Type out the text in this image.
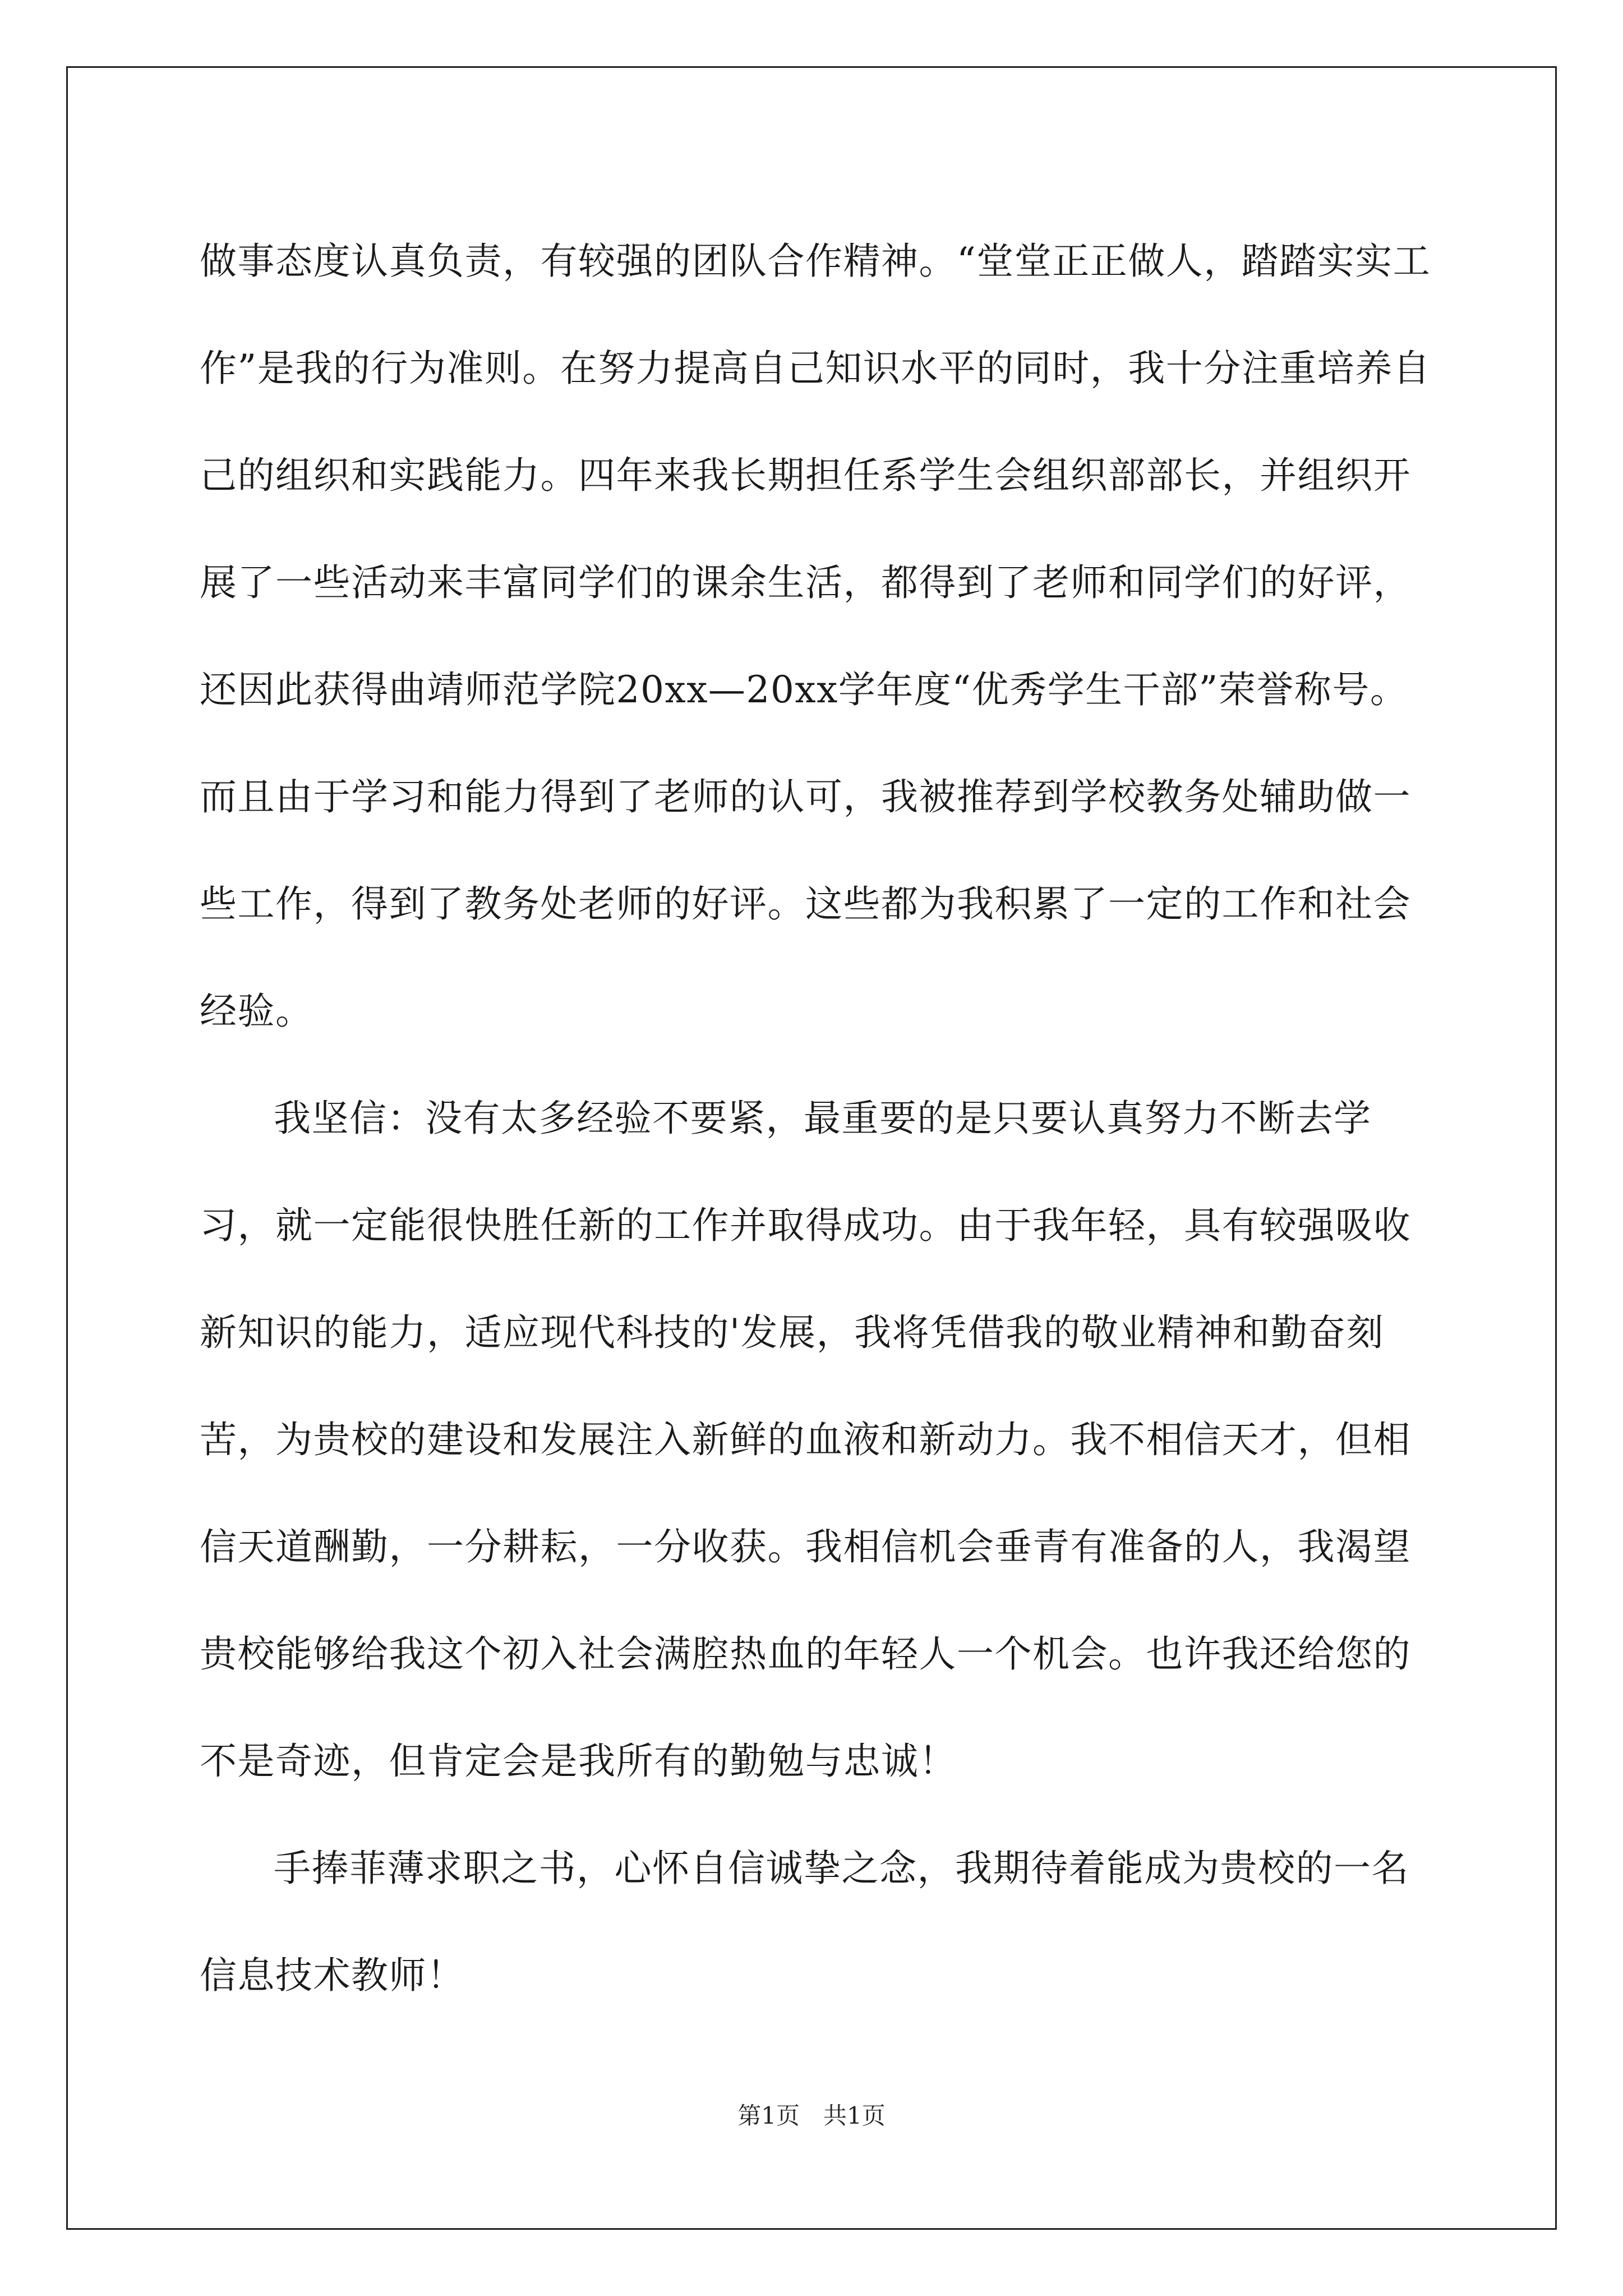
做事态度认真负责，有较强的团队合作精神。“堂堂正正做人，踏踏实实工作”是我的行为准则。在努力提高自己知识水平的同时，我十分注重培养自己的组织和实践能力。四年来我长期担任系学生会组织部部长，并组织开展了一些活动来丰富同学们的课余生活，都得到了老师和同学们的好评，还因此获得曲靖师范学院20xx—20xx学年度“优秀学生干部”荣誉称号。而且由于学习和能力得到了老师的认可，我被推荐到学校教务处辅助做一些工作，得到了教务处老师的好评。这些都为我积累了一定的工作和社会经验。

我坚信：没有太多经验不要紧，最重要的是只要认真努力不断去学习，就一定能很快胜任新的工作并取得成功。由于我年轻，具有较强吸收新知识的能力，适应现代科技的'发展，我将凭借我的敬业精神和勤奋刻苦，为贵校的建设和发展注入新鲜的血液和新动力。我不相信天才，但相信天道酬勤，一分耕耘，一分收获。我相信机会垂青有准备的人，我渴望贵校能够给我这个初入社会满腔热血的年轻人一个机会。也许我还给您的不是奇迹，但肯定会是我所有的勤勉与忠诚！

手捧菲薄求职之书，心怀自信诚挚之念，我期待着能成为贵校的一名信息技术教师！

第1页　共1页
